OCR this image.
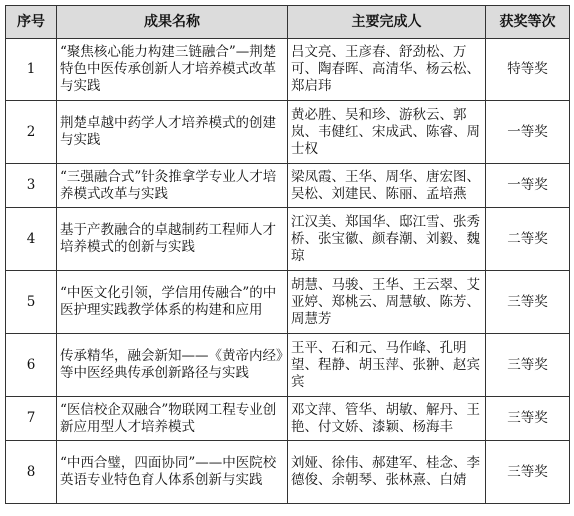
序号	成果名称	主要完成人	获奖等次
1	“聚焦核心能力构建三链融合”—荆楚特色中医传承创新人才培养模式改革与实践	吕文亮、王彦春、舒劲松、万可、陶春晖、高清华、杨云松、郑启玮	特等奖
2	荆楚卓越中药学人才培养模式的创建与实践	黄必胜、吴和珍、游秋云、郭岚、韦健红、宋成武、陈睿、周士权	一等奖
3	“三强融合式”针灸推拿学专业人才培养模式改革与实践	梁凤霞、王华、周华、唐宏图、吴松、刘建民、陈丽、孟培燕	一等奖
4	基于产教融合的卓越制药工程师人才培养模式的创新与实践	江汉美、郑国华、邸江雪、张秀桥、张宝徽、颜春潮、刘毅、魏琼	二等奖
5	“中医文化引领，学信用传融合”的中医护理实践教学体系的构建和应用	胡慧、马骏、王华、王云翠、艾亚婷、郑桃云、周慧敏、陈芳、周慧芳	三等奖
6	传承精华，融会新知——《黄帝内经》等中医经典传承创新路径与实践	王平、石和元、马作峰、孔明望、程静、胡玉萍、张翀、赵宾宾	三等奖
7	“医信校企双融合”物联网工程专业创新应用型人才培养模式	邓文萍、管华、胡敏、解丹、王艳、付文娇、漆颖、杨海丰	三等奖
8	“中西合璧，四面协同”——中医院校英语专业特色育人体系创新与实践	刘娅、徐伟、郝建军、桂念、李德俊、余朝琴、张林熹、白婧	三等奖
